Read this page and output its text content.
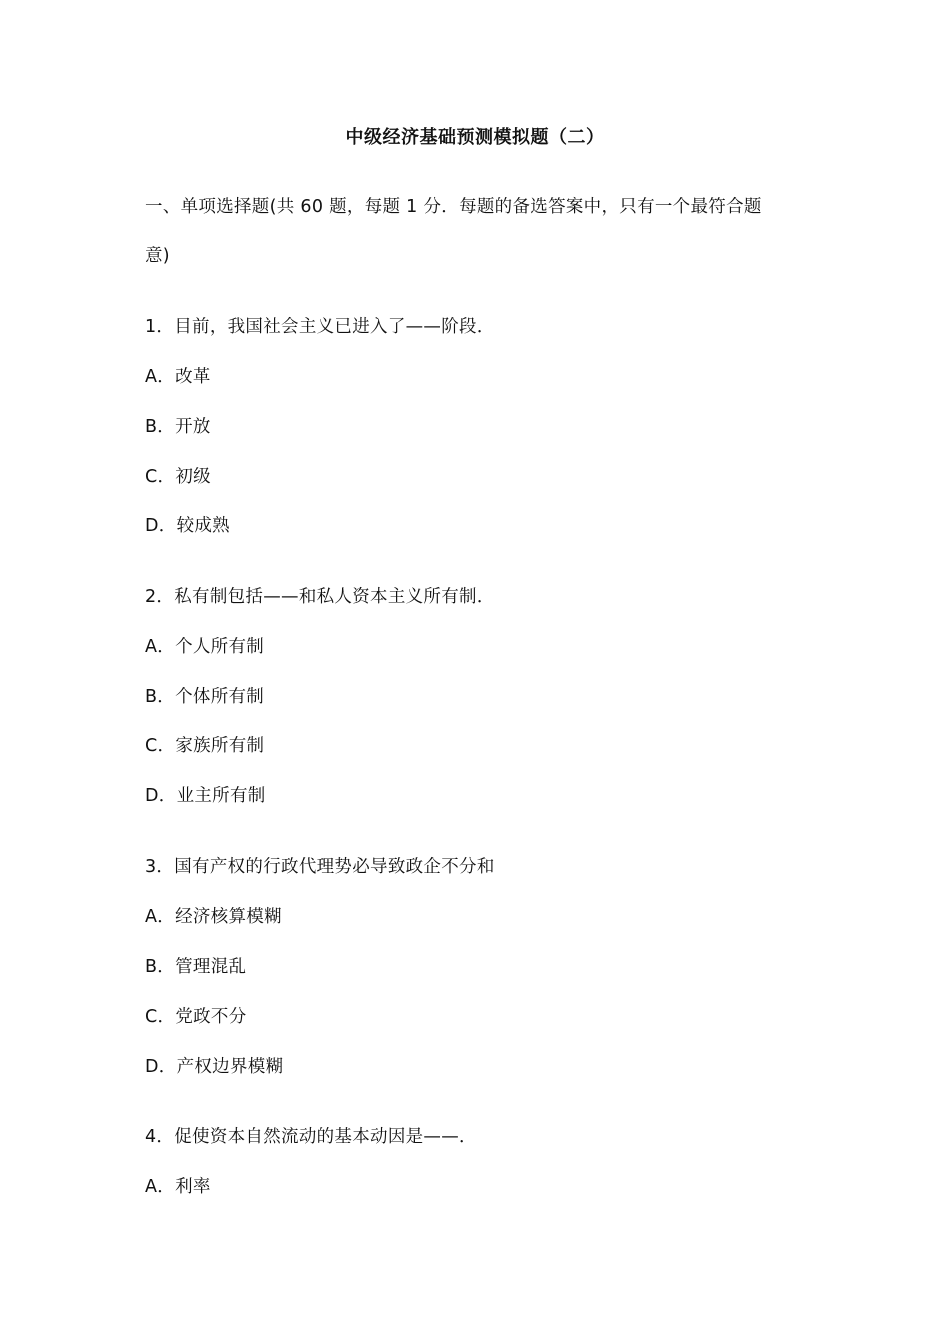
中级经济基础预测模拟题（二）
一、单项选择题(共 60 题，每题 1 分．每题的备选答案中，只有一个最符合题
意)
1．目前，我国社会主义已进入了——阶段．
A．改革
B．开放
C．初级
D．较成熟
2．私有制包括——和私人资本主义所有制．
A．个人所有制
B．个体所有制
C．家族所有制
D．业主所有制
3．国有产权的行政代理势必导致政企不分和
A．经济核算模糊
B．管理混乱
C．党政不分
D．产权边界模糊
4．促使资本自然流动的基本动因是——．
A．利率
